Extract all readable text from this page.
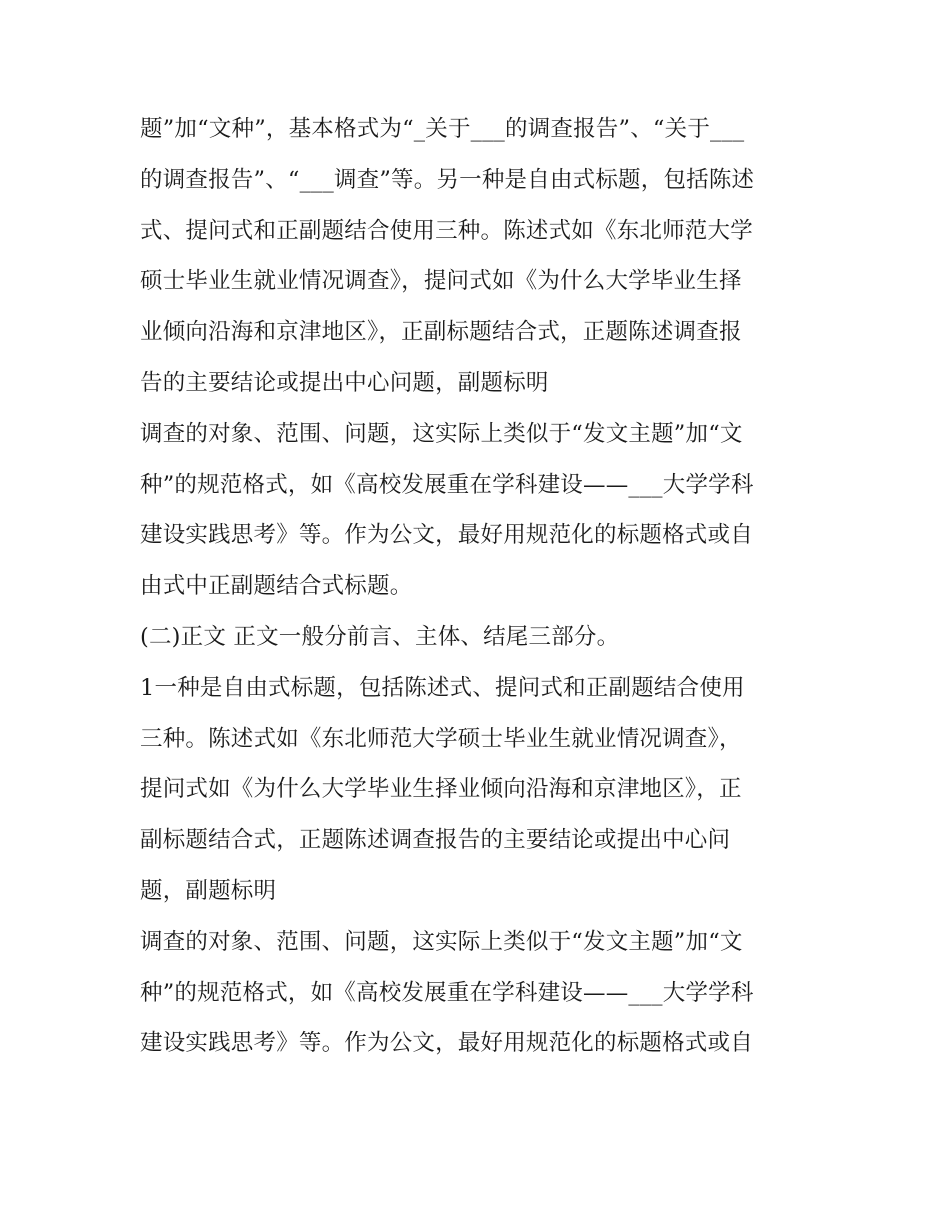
题”加“文种”，基本格式为“_关于___的调查报告”、“关于___
的调查报告”、“___调查”等。另一种是自由式标题，包括陈述
式、提问式和正副题结合使用三种。陈述式如《东北师范大学
硕士毕业生就业情况调查》，提问式如《为什么大学毕业生择
业倾向沿海和京津地区》，正副标题结合式，正题陈述调查报
告的主要结论或提出中心问题，副题标明
调查的对象、范围、问题，这实际上类似于“发文主题”加“文
种”的规范格式，如《高校发展重在学科建设——___大学学科
建设实践思考》等。作为公文，最好用规范化的标题格式或自
由式中正副题结合式标题。
(二)正文 正文一般分前言、主体、结尾三部分。
1一种是自由式标题，包括陈述式、提问式和正副题结合使用
三种。陈述式如《东北师范大学硕士毕业生就业情况调查》，
提问式如《为什么大学毕业生择业倾向沿海和京津地区》，正
副标题结合式，正题陈述调查报告的主要结论或提出中心问
题，副题标明
调查的对象、范围、问题，这实际上类似于“发文主题”加“文
种”的规范格式，如《高校发展重在学科建设——___大学学科
建设实践思考》等。作为公文，最好用规范化的标题格式或自
